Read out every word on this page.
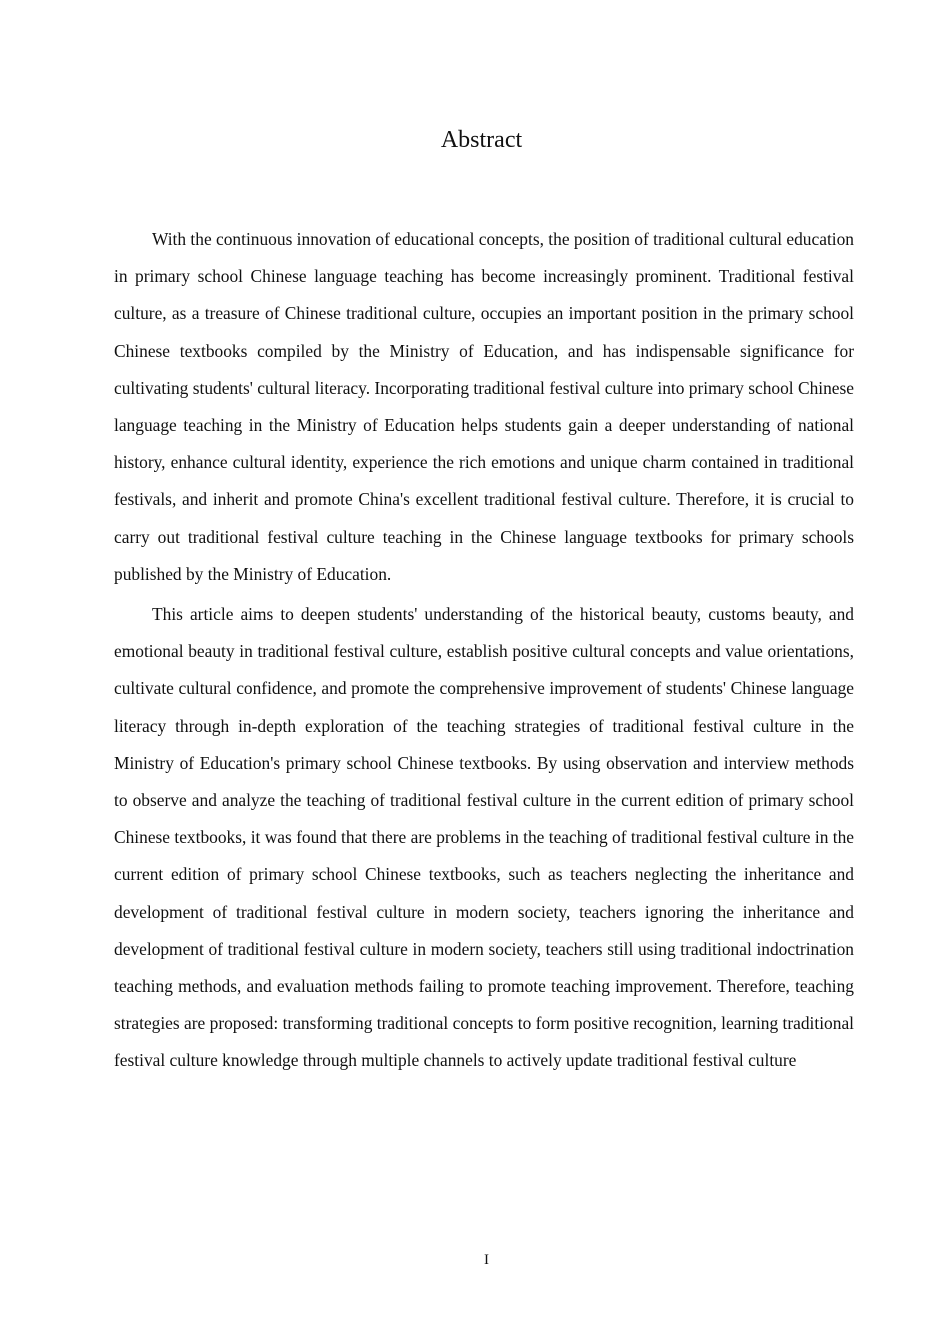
Abstract

With the continuous innovation of educational concepts, the position of traditional cultural education in primary school Chinese language teaching has become increasingly prominent. Traditional festival culture, as a treasure of Chinese traditional culture, occupies an important position in the primary school Chinese textbooks compiled by the Ministry of Education, and has indispensable significance for cultivating students' cultural literacy. Incorporating traditional festival culture into primary school Chinese language teaching in the Ministry of Education helps students gain a deeper understanding of national history, enhance cultural identity, experience the rich emotions and unique charm contained in traditional festivals, and inherit and promote China's excellent traditional festival culture. Therefore, it is crucial to carry out traditional festival culture teaching in the Chinese language textbooks for primary schools published by the Ministry of Education.

This article aims to deepen students' understanding of the historical beauty, customs beauty, and emotional beauty in traditional festival culture, establish positive cultural concepts and value orientations, cultivate cultural confidence, and promote the comprehensive improvement of students' Chinese language literacy through in-depth exploration of the teaching strategies of traditional festival culture in the Ministry of Education's primary school Chinese textbooks. By using observation and interview methods to observe and analyze the teaching of traditional festival culture in the current edition of primary school Chinese textbooks, it was found that there are problems in the teaching of traditional festival culture in the current edition of primary school Chinese textbooks, such as teachers neglecting the inheritance and development of traditional festival culture in modern society, teachers ignoring the inheritance and development of traditional festival culture in modern society, teachers still using traditional indoctrination teaching methods, and evaluation methods failing to promote teaching improvement. Therefore, teaching strategies are proposed: transforming traditional concepts to form positive recognition, learning traditional festival culture knowledge through multiple channels to actively update traditional festival culture

I
